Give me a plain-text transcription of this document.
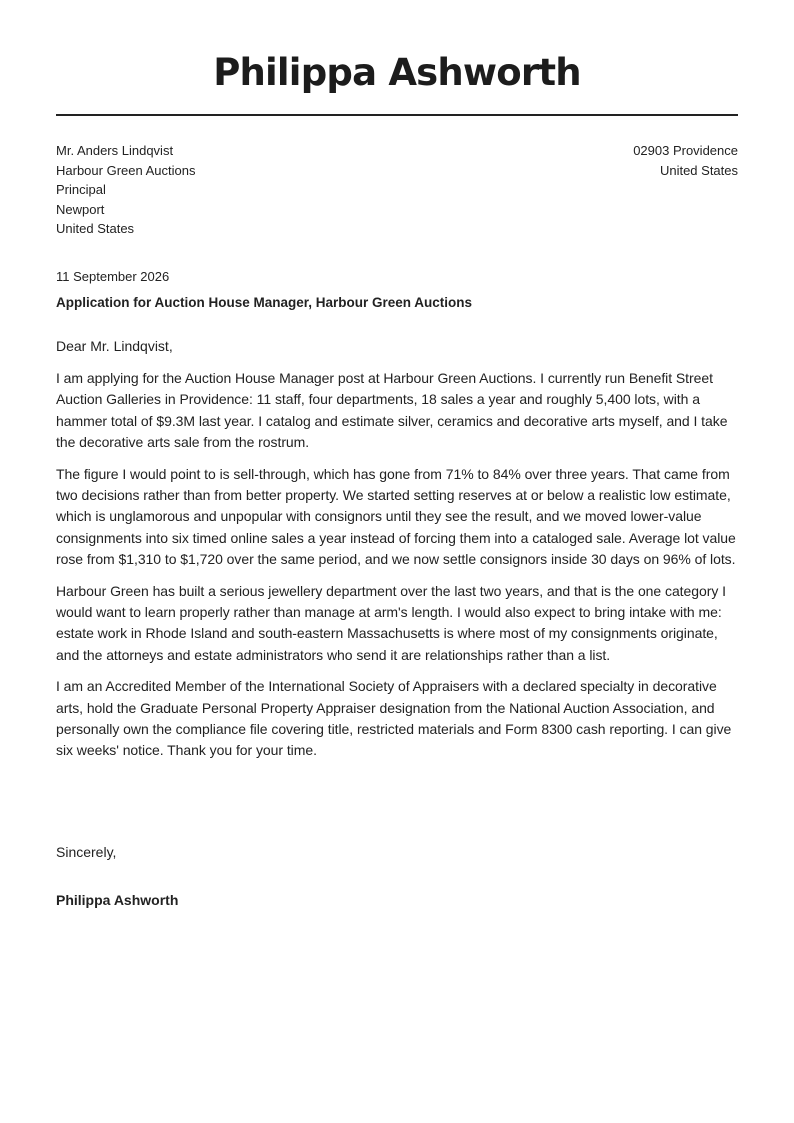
Philippa Ashworth
Mr. Anders Lindqvist
Harbour Green Auctions
Principal
Newport
United States
02903 Providence
United States
11 September 2026
Application for Auction House Manager, Harbour Green Auctions
Dear Mr. Lindqvist,

I am applying for the Auction House Manager post at Harbour Green Auctions. I currently run Benefit Street Auction Galleries in Providence: 11 staff, four departments, 18 sales a year and roughly 5,400 lots, with a hammer total of $9.3M last year. I catalog and estimate silver, ceramics and decorative arts myself, and I take the decorative arts sale from the rostrum.

The figure I would point to is sell-through, which has gone from 71% to 84% over three years. That came from two decisions rather than from better property. We started setting reserves at or below a realistic low estimate, which is unglamorous and unpopular with consignors until they see the result, and we moved lower-value consignments into six timed online sales a year instead of forcing them into a cataloged sale. Average lot value rose from $1,310 to $1,720 over the same period, and we now settle consignors inside 30 days on 96% of lots.

Harbour Green has built a serious jewellery department over the last two years, and that is the one category I would want to learn properly rather than manage at arm's length. I would also expect to bring intake with me: estate work in Rhode Island and south-eastern Massachusetts is where most of my consignments originate, and the attorneys and estate administrators who send it are relationships rather than a list.

I am an Accredited Member of the International Society of Appraisers with a declared specialty in decorative arts, hold the Graduate Personal Property Appraiser designation from the National Auction Association, and personally own the compliance file covering title, restricted materials and Form 8300 cash reporting. I can give six weeks' notice. Thank you for your time.

Sincerely,
Philippa Ashworth
